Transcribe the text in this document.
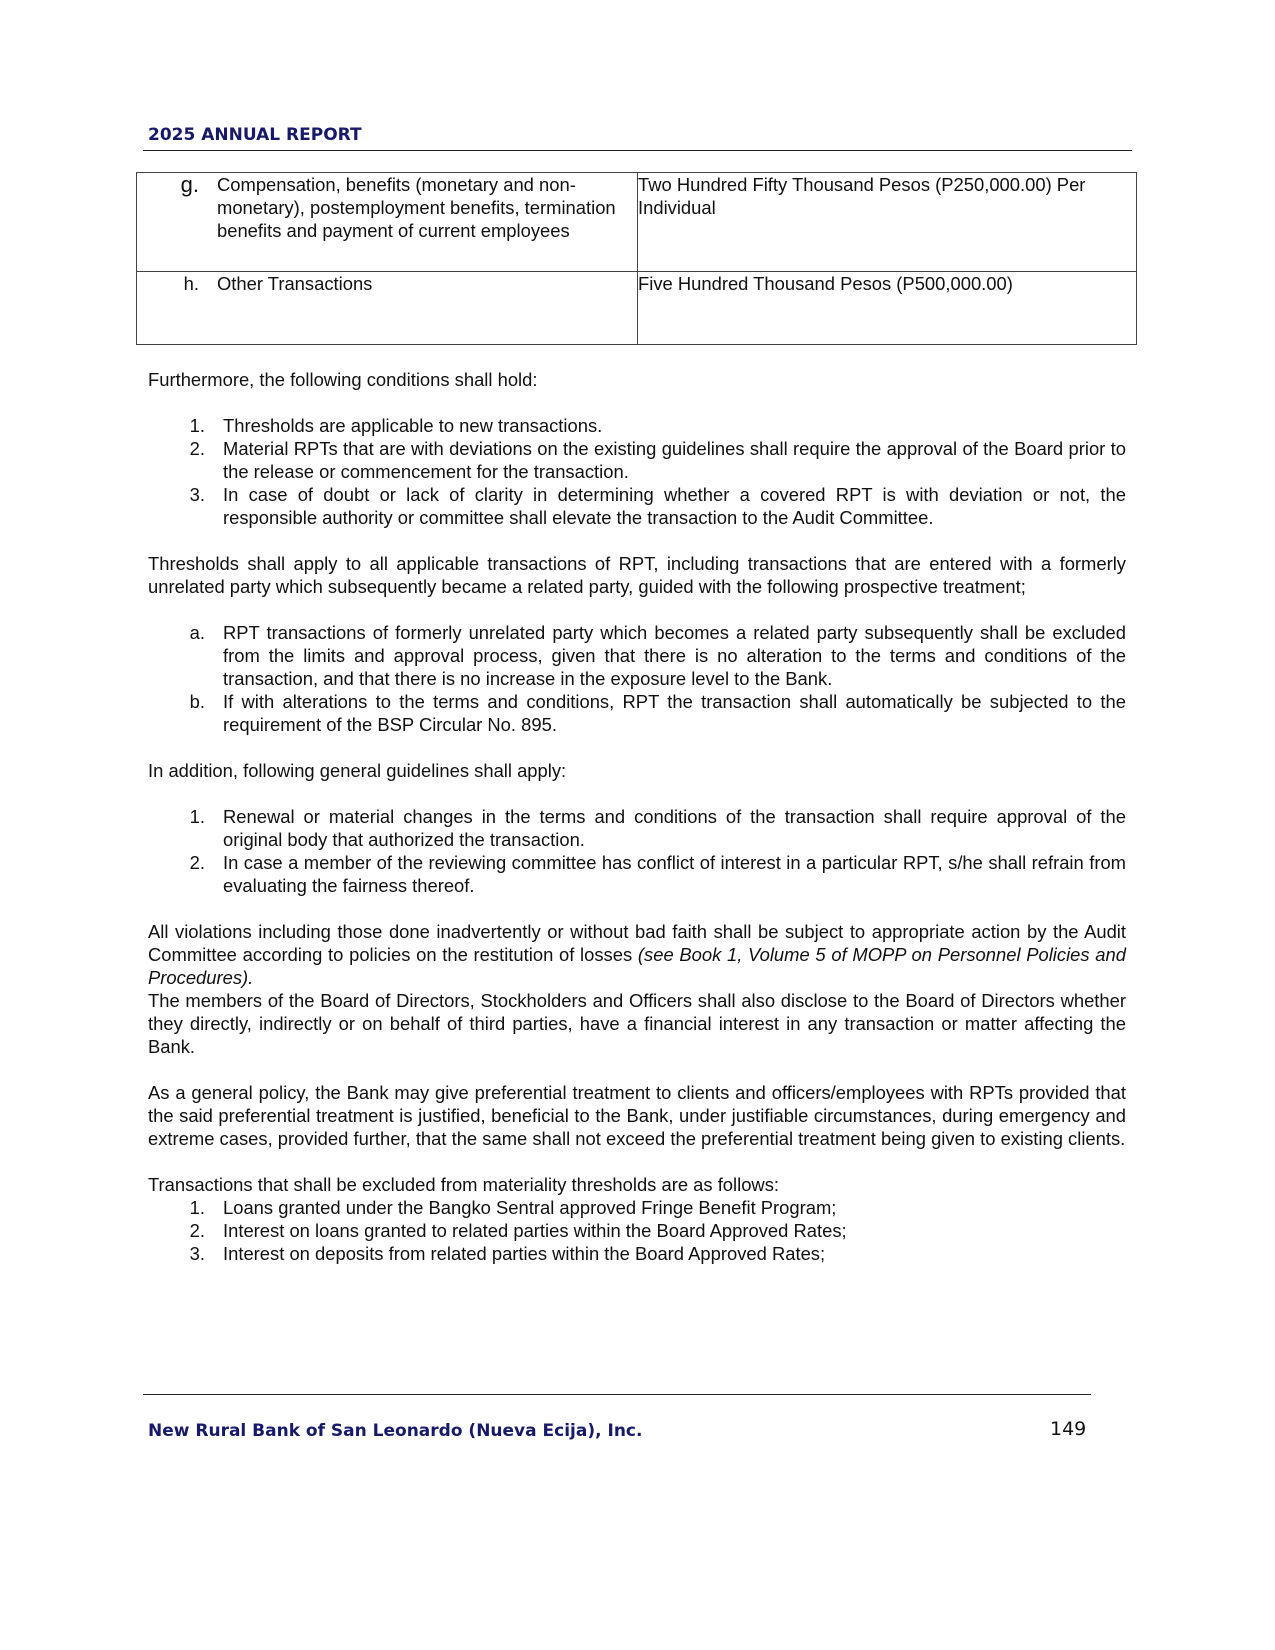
2025 ANNUAL REPORT
g. Compensation, benefits (monetary and non-monetary), postemployment benefits, termination benefits and payment of current employees	Two Hundred Fifty Thousand Pesos (P250,000.00) Per Individual

h. Other Transactions	Five Hundred Thousand Pesos (P500,000.00)

Furthermore, the following conditions shall hold:

1. Thresholds are applicable to new transactions.
2. Material RPTs that are with deviations on the existing guidelines shall require the approval of the Board prior to the release or commencement for the transaction.
3. In case of doubt or lack of clarity in determining whether a covered RPT is with deviation or not, the responsible authority or committee shall elevate the transaction to the Audit Committee.

Thresholds shall apply to all applicable transactions of RPT, including transactions that are entered with a formerly unrelated party which subsequently became a related party, guided with the following prospective treatment;

a. RPT transactions of formerly unrelated party which becomes a related party subsequently shall be excluded from the limits and approval process, given that there is no alteration to the terms and conditions of the transaction, and that there is no increase in the exposure level to the Bank.
b. If with alterations to the terms and conditions, RPT the transaction shall automatically be subjected to the requirement of the BSP Circular No. 895.

In addition, following general guidelines shall apply:

1. Renewal or material changes in the terms and conditions of the transaction shall require approval of the original body that authorized the transaction.
2. In case a member of the reviewing committee has conflict of interest in a particular RPT, s/he shall refrain from evaluating the fairness thereof.

All violations including those done inadvertently or without bad faith shall be subject to appropriate action by the Audit Committee according to policies on the restitution of losses (see Book 1, Volume 5 of MOPP on Personnel Policies and Procedures).

The members of the Board of Directors, Stockholders and Officers shall also disclose to the Board of Directors whether they directly, indirectly or on behalf of third parties, have a financial interest in any transaction or matter affecting the Bank.

As a general policy, the Bank may give preferential treatment to clients and officers/employees with RPTs provided that the said preferential treatment is justified, beneficial to the Bank, under justifiable circumstances, during emergency and extreme cases, provided further, that the same shall not exceed the preferential treatment being given to existing clients.

Transactions that shall be excluded from materiality thresholds are as follows:

1. Loans granted under the Bangko Sentral approved Fringe Benefit Program;
2. Interest on loans granted to related parties within the Board Approved Rates;
3. Interest on deposits from related parties within the Board Approved Rates;
New Rural Bank of San Leonardo (Nueva Ecija), Inc.	149
